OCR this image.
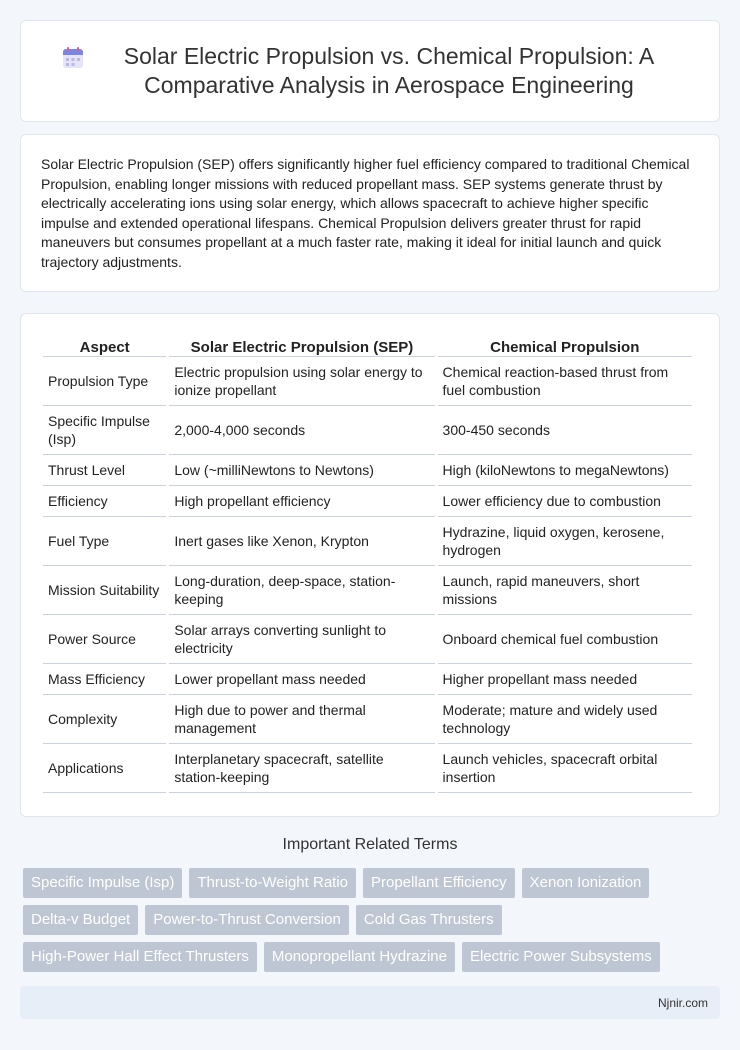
Solar Electric Propulsion vs. Chemical Propulsion: A Comparative Analysis in Aerospace Engineering

Solar Electric Propulsion (SEP) offers significantly higher fuel efficiency compared to traditional Chemical Propulsion, enabling longer missions with reduced propellant mass. SEP systems generate thrust by electrically accelerating ions using solar energy, which allows spacecraft to achieve higher specific impulse and extended operational lifespans. Chemical Propulsion delivers greater thrust for rapid maneuvers but consumes propellant at a much faster rate, making it ideal for initial launch and quick trajectory adjustments.

Aspect	Solar Electric Propulsion (SEP)	Chemical Propulsion
Propulsion Type	Electric propulsion using solar energy to ionize propellant	Chemical reaction-based thrust from fuel combustion
Specific Impulse (Isp)	2,000-4,000 seconds	300-450 seconds
Thrust Level	Low (~milliNewtons to Newtons)	High (kiloNewtons to megaNewtons)
Efficiency	High propellant efficiency	Lower efficiency due to combustion
Fuel Type	Inert gases like Xenon, Krypton	Hydrazine, liquid oxygen, kerosene, hydrogen
Mission Suitability	Long-duration, deep-space, station-keeping	Launch, rapid maneuvers, short missions
Power Source	Solar arrays converting sunlight to electricity	Onboard chemical fuel combustion
Mass Efficiency	Lower propellant mass needed	Higher propellant mass needed
Complexity	High due to power and thermal management	Moderate; mature and widely used technology
Applications	Interplanetary spacecraft, satellite station-keeping	Launch vehicles, spacecraft orbital insertion
Important Related Terms
Specific Impulse (Isp)	Thrust-to-Weight Ratio	Propellant Efficiency	Xenon Ionization
Delta-v Budget	Power-to-Thrust Conversion	Cold Gas Thrusters
High-Power Hall Effect Thrusters	Monopropellant Hydrazine	Electric Power Subsystems
Njnir.com
